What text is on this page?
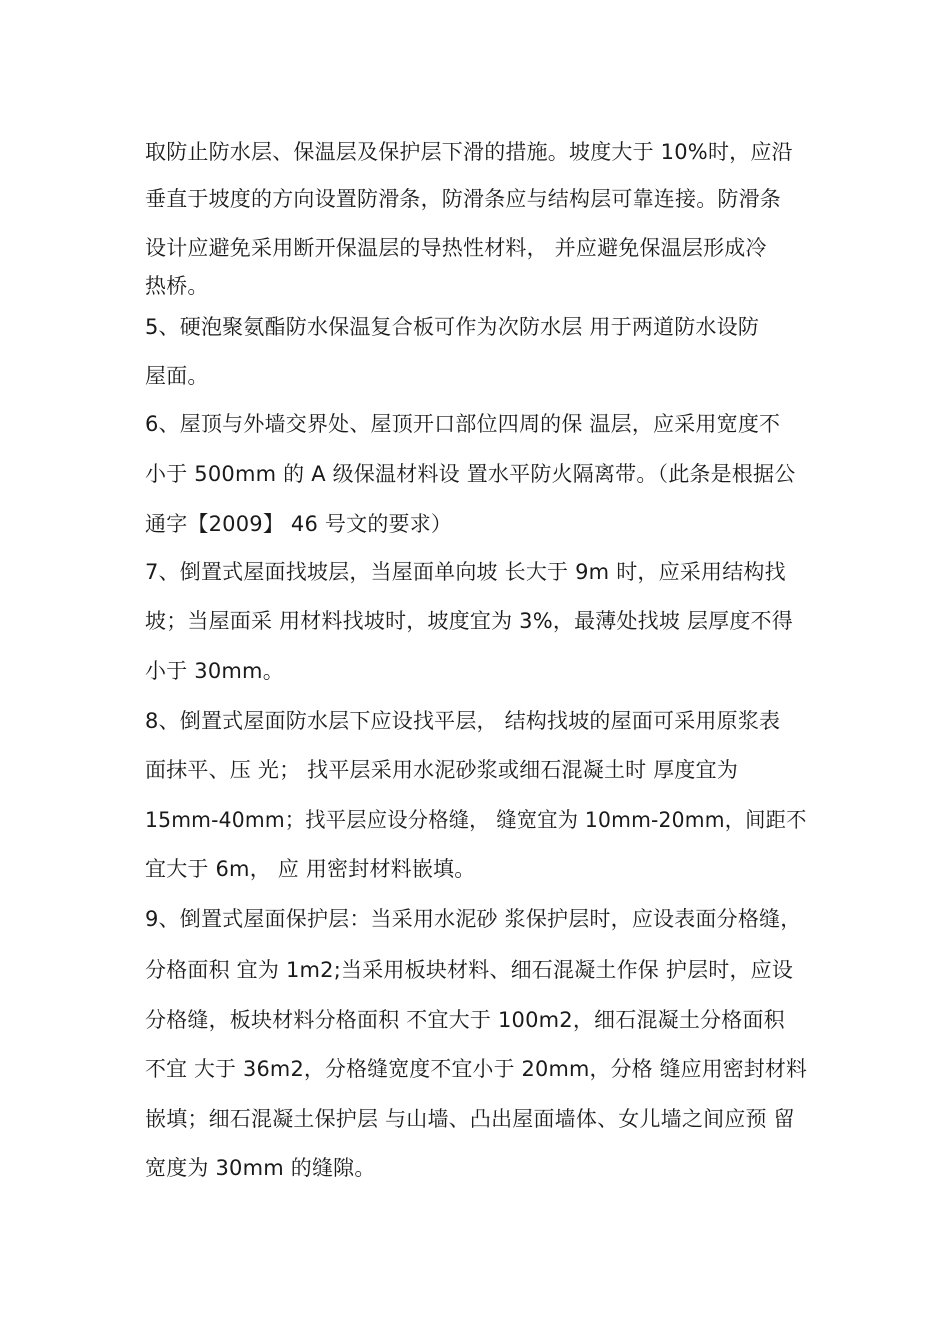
取防止防水层、保温层及保护层下滑的措施。坡度大于 10%时，应沿
垂直于坡度的方向设置防滑条，防滑条应与结构层可靠连接。防滑条
设计应避免采用断开保温层的导热性材料， 并应避免保温层形成冷
热桥。
5、硬泡聚氨酯防水保温复合板可作为次防水层 用于两道防水设防
屋面。
6、屋顶与外墙交界处、屋顶开口部位四周的保 温层，应采用宽度不
小于 500mm 的 A 级保温材料设 置水平防火隔离带。（此条是根据公
通字【2009】 46 号文的要求）
7、倒置式屋面找坡层，当屋面单向坡 长大于 9m 时，应采用结构找
坡；当屋面采 用材料找坡时，坡度宜为 3%，最薄处找坡 层厚度不得
小于 30mm。
8、倒置式屋面防水层下应设找平层， 结构找坡的屋面可采用原浆表
面抹平、压 光； 找平层采用水泥砂浆或细石混凝土时 厚度宜为
15mm-40mm；找平层应设分格缝， 缝宽宜为 10mm-20mm，间距不
宜大于 6m， 应 用密封材料嵌填。
9、倒置式屋面保护层：当采用水泥砂 浆保护层时，应设表面分格缝，
分格面积 宜为 1m2;当采用板块材料、细石混凝土作保 护层时，应设
分格缝，板块材料分格面积 不宜大于 100m2，细石混凝土分格面积
不宜 大于 36m2，分格缝宽度不宜小于 20mm，分格 缝应用密封材料
嵌填；细石混凝土保护层 与山墙、凸出屋面墙体、女儿墙之间应预 留
宽度为 30mm 的缝隙。
